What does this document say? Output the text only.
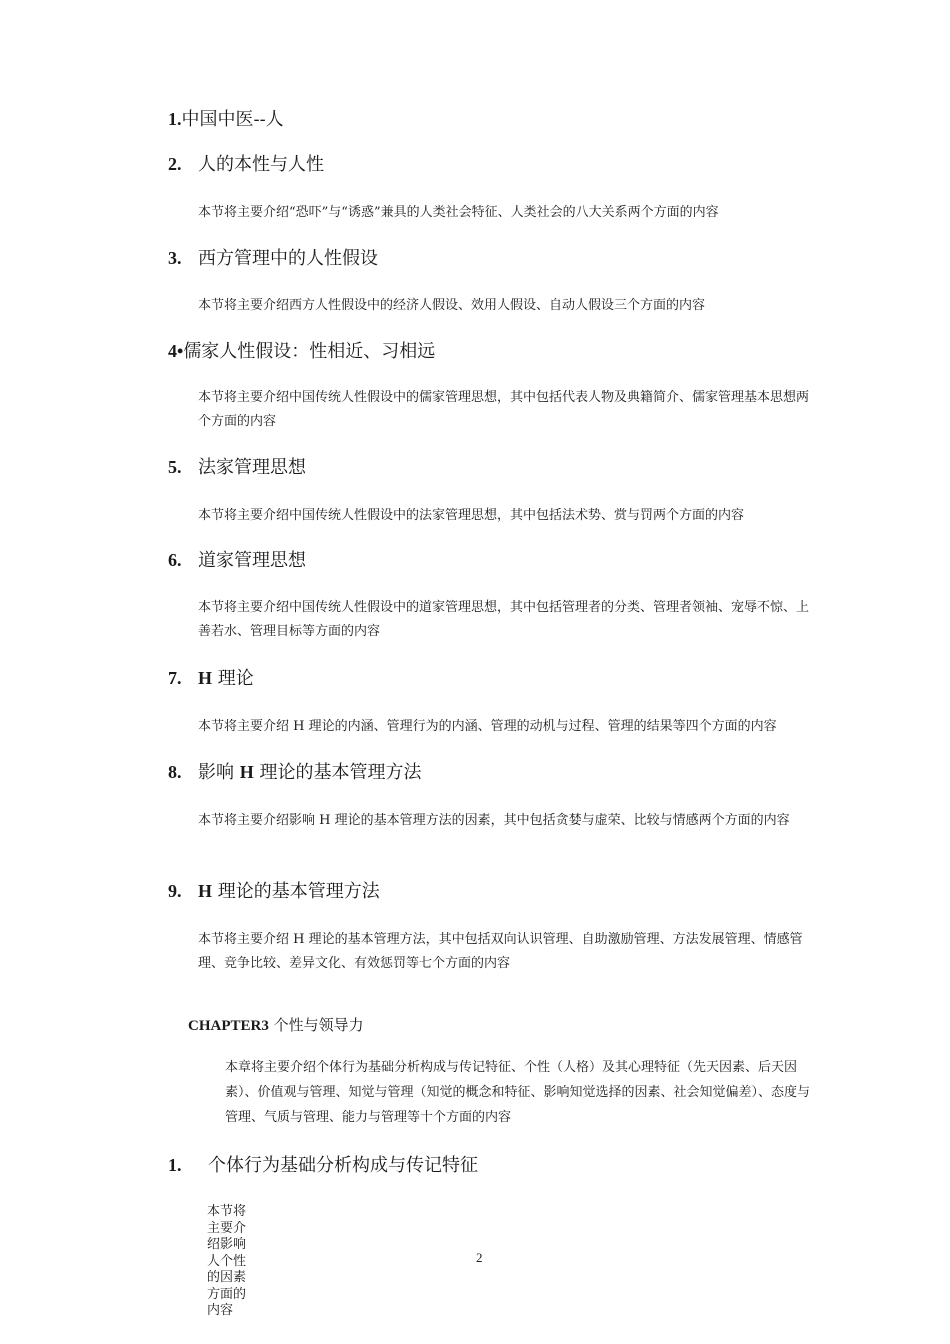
1.中国中医--人
2. 人的本性与人性
本节将主要介绍“恐吓”与“诱惑”兼具的人类社会特征、人类社会的八大关系两个方面的内容
3. 西方管理中的人性假设
本节将主要介绍西方人性假设中的经济人假设、效用人假设、自动人假设三个方面的内容
4•儒家人性假设：性相近、习相远
本节将主要介绍中国传统人性假设中的儒家管理思想，其中包括代表人物及典籍简介、儒家管理基本思想两个方面的内容
5. 法家管理思想
本节将主要介绍中国传统人性假设中的法家管理思想，其中包括法术势、赏与罚两个方面的内容
6. 道家管理思想
本节将主要介绍中国传统人性假设中的道家管理思想，其中包括管理者的分类、管理者领袖、宠辱不惊、上善若水、管理目标等方面的内容
7. H 理论
本节将主要介绍 H 理论的内涵、管理行为的内涵、管理的动机与过程、管理的结果等四个方面的内容
8. 影响 H 理论的基本管理方法
本节将主要介绍影响 H 理论的基本管理方法的因素，其中包括贪婪与虚荣、比较与情感两个方面的内容
9. H 理论的基本管理方法
本节将主要介绍 H 理论的基本管理方法，其中包括双向认识管理、自助激励管理、方法发展管理、情感管理、竞争比较、差异文化、有效惩罚等七个方面的内容
CHAPTER3 个性与领导力
本章将主要介绍个体行为基础分析构成与传记特征、个性（人格）及其心理特征（先天因素、后天因素）、价值观与管理、知觉与管理（知觉的概念和特征、影响知觉选择的因素、社会知觉偏差）、态度与管理、气质与管理、能力与管理等十个方面的内容
1. 个体行为基础分析构成与传记特征
本节将主要介绍影响人个性的因素方面的内容
2
